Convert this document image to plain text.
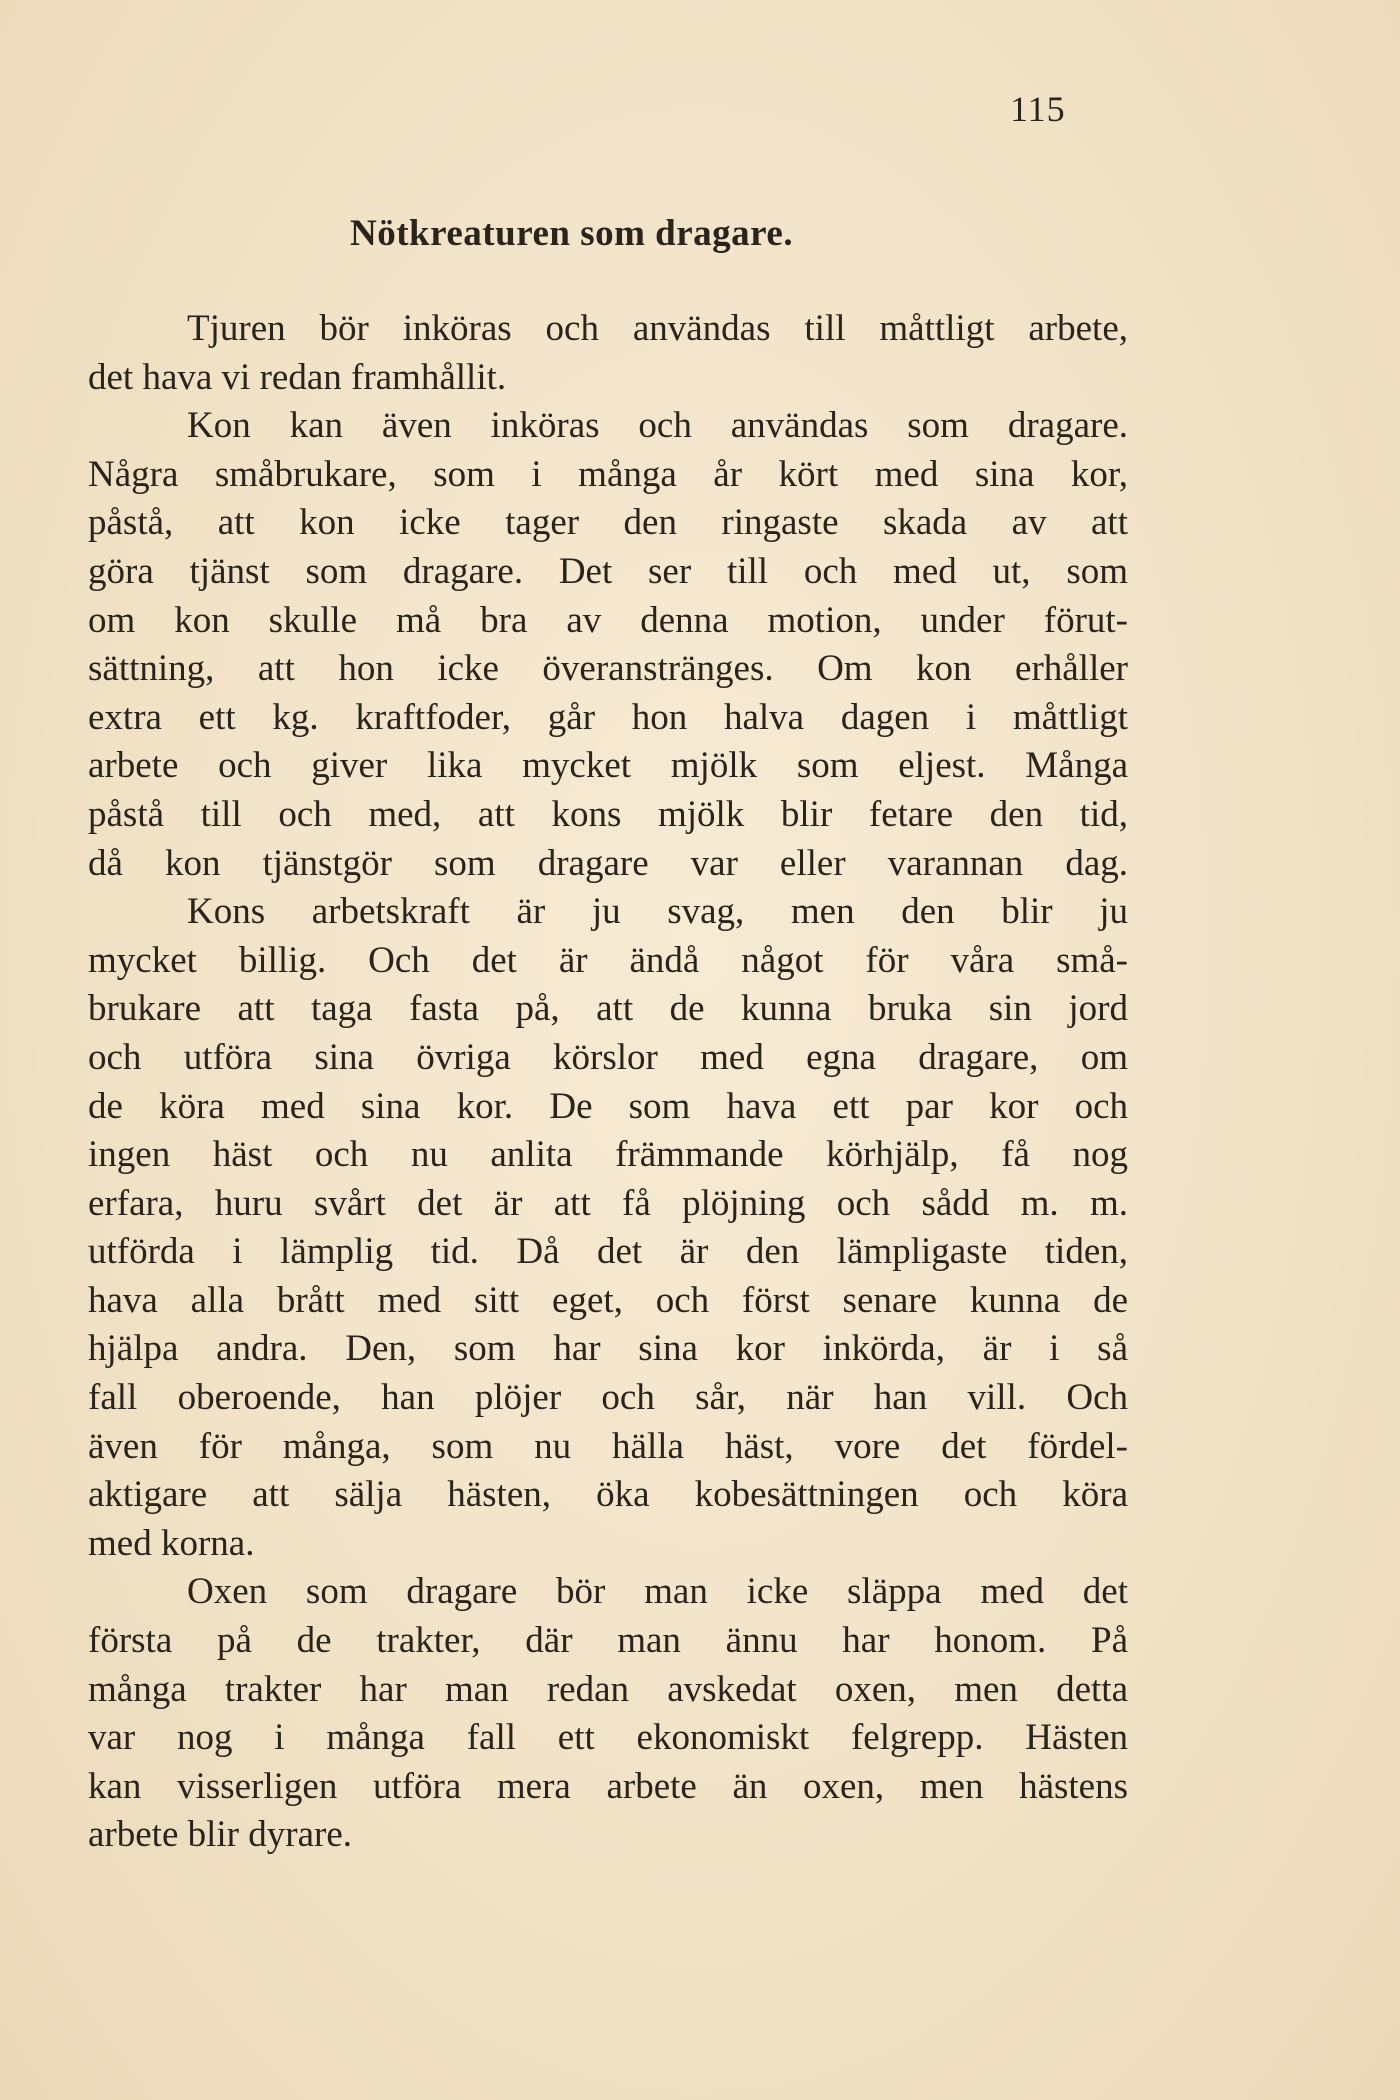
115
Nötkreaturen som dragare.
Tjuren bör inköras och användas till måttligt arbete,
det hava vi redan framhållit.
Kon kan även inköras och användas som dragare.
Några småbrukare, som i många år kört med sina kor,
påstå, att kon icke tager den ringaste skada av att
göra tjänst som dragare. Det ser till och med ut, som
om kon skulle må bra av denna motion, under förut-
sättning, att hon icke överanstränges. Om kon erhåller
extra ett kg. kraftfoder, går hon halva dagen i måttligt
arbete och giver lika mycket mjölk som eljest. Många
påstå till och med, att kons mjölk blir fetare den tid,
då kon tjänstgör som dragare var eller varannan dag.
Kons arbetskraft är ju svag, men den blir ju
mycket billig. Och det är ändå något för våra små-
brukare att taga fasta på, att de kunna bruka sin jord
och utföra sina övriga körslor med egna dragare, om
de köra med sina kor. De som hava ett par kor och
ingen häst och nu anlita främmande körhjälp, få nog
erfara, huru svårt det är att få plöjning och sådd m. m.
utförda i lämplig tid. Då det är den lämpligaste tiden,
hava alla brått med sitt eget, och först senare kunna de
hjälpa andra. Den, som har sina kor inkörda, är i så
fall oberoende, han plöjer och sår, när han vill. Och
även för många, som nu hälla häst, vore det fördel-
aktigare att sälja hästen, öka kobesättningen och köra
med korna.
Oxen som dragare bör man icke släppa med det
första på de trakter, där man ännu har honom. På
många trakter har man redan avskedat oxen, men detta
var nog i många fall ett ekonomiskt felgrepp. Hästen
kan visserligen utföra mera arbete än oxen, men hästens
arbete blir dyrare.
